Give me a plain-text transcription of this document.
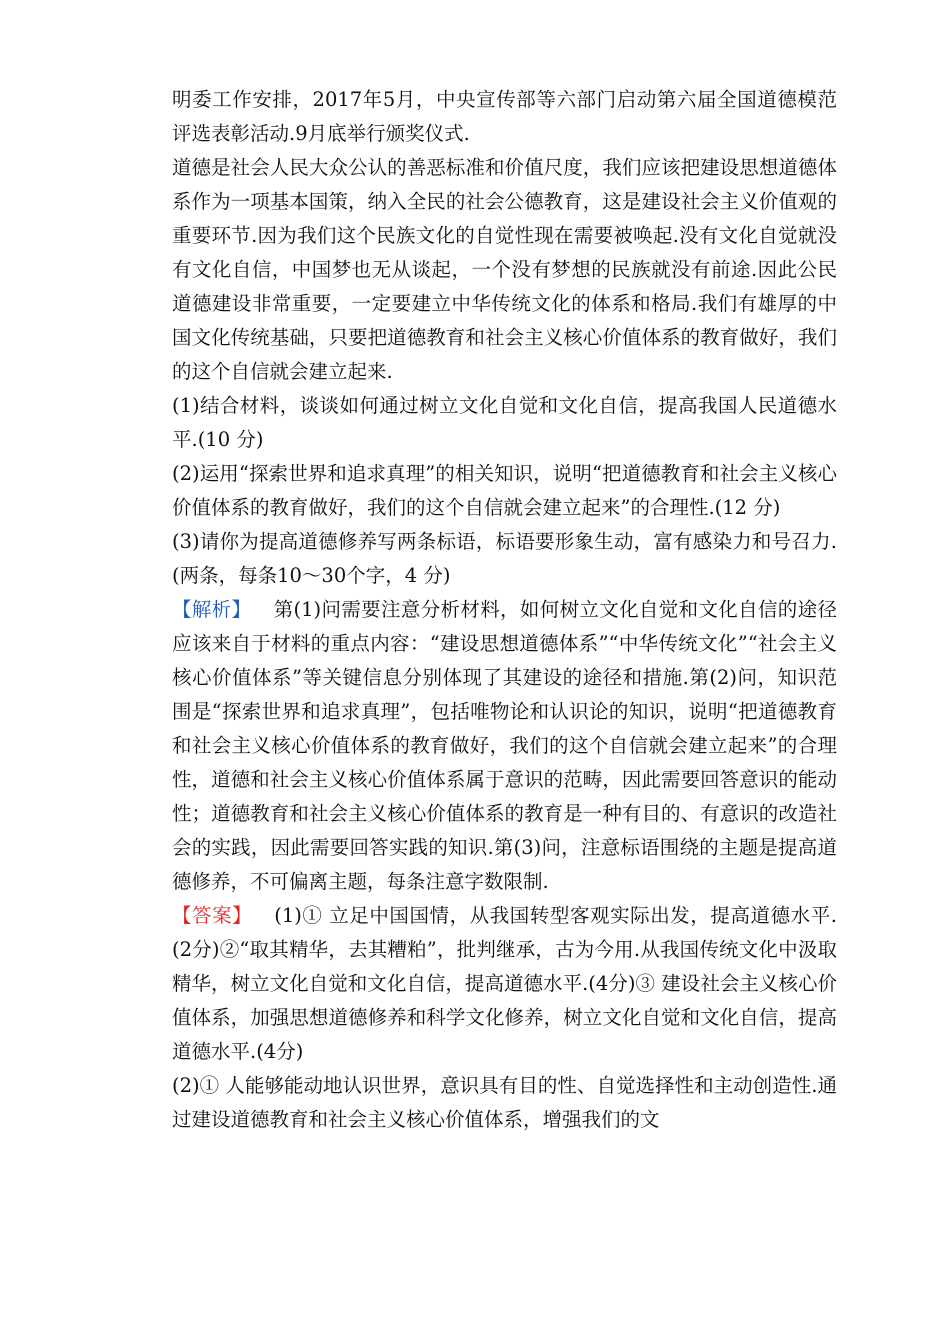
明委工作安排，2017年5月，中央宣传部等六部门启动第六届全国道德模范评选表彰活动.9月底举行颁奖仪式.

道德是社会人民大众公认的善恶标准和价值尺度，我们应该把建设思想道德体系作为一项基本国策，纳入全民的社会公德教育，这是建设社会主义价值观的重要环节.因为我们这个民族文化的自觉性现在需要被唤起.没有文化自觉就没有文化自信，中国梦也无从谈起，一个没有梦想的民族就没有前途.因此公民道德建设非常重要，一定要建立中华传统文化的体系和格局.我们有雄厚的中国文化传统基础，只要把道德教育和社会主义核心价值体系的教育做好，我们的这个自信就会建立起来.

(1)结合材料，谈谈如何通过树立文化自觉和文化自信，提高我国人民道德水平.(10 分)

(2)运用“探索世界和追求真理”的相关知识，说明“把道德教育和社会主义核心价值体系的教育做好，我们的这个自信就会建立起来”的合理性.(12 分)

(3)请你为提高道德修养写两条标语，标语要形象生动，富有感染力和号召力.(两条，每条10～30个字，4 分)

【解析】 第(1)问需要注意分析材料，如何树立文化自觉和文化自信的途径应该来自于材料的重点内容：“建设思想道德体系”“中华传统文化”“社会主义核心价值体系”等关键信息分别体现了其建设的途径和措施.第(2)问，知识范围是“探索世界和追求真理”，包括唯物论和认识论的知识，说明“把道德教育和社会主义核心价值体系的教育做好，我们的这个自信就会建立起来”的合理性，道德和社会主义核心价值体系属于意识的范畴，因此需要回答意识的能动性；道德教育和社会主义核心价值体系的教育是一种有目的、有意识的改造社会的实践，因此需要回答实践的知识.第(3)问，注意标语围绕的主题是提高道德修养，不可偏离主题，每条注意字数限制.

【答案】 (1)① 立足中国国情，从我国转型客观实际出发，提高道德水平.(2分)②“取其精华，去其糟粕”，批判继承，古为今用.从我国传统文化中汲取精华，树立文化自觉和文化自信，提高道德水平.(4分)③ 建设社会主义核心价值体系，加强思想道德修养和科学文化修养，树立文化自觉和文化自信，提高道德水平.(4分)

(2)① 人能够能动地认识世界，意识具有目的性、自觉选择性和主动创造性.通过建设道德教育和社会主义核心价值体系，增强我们的文
